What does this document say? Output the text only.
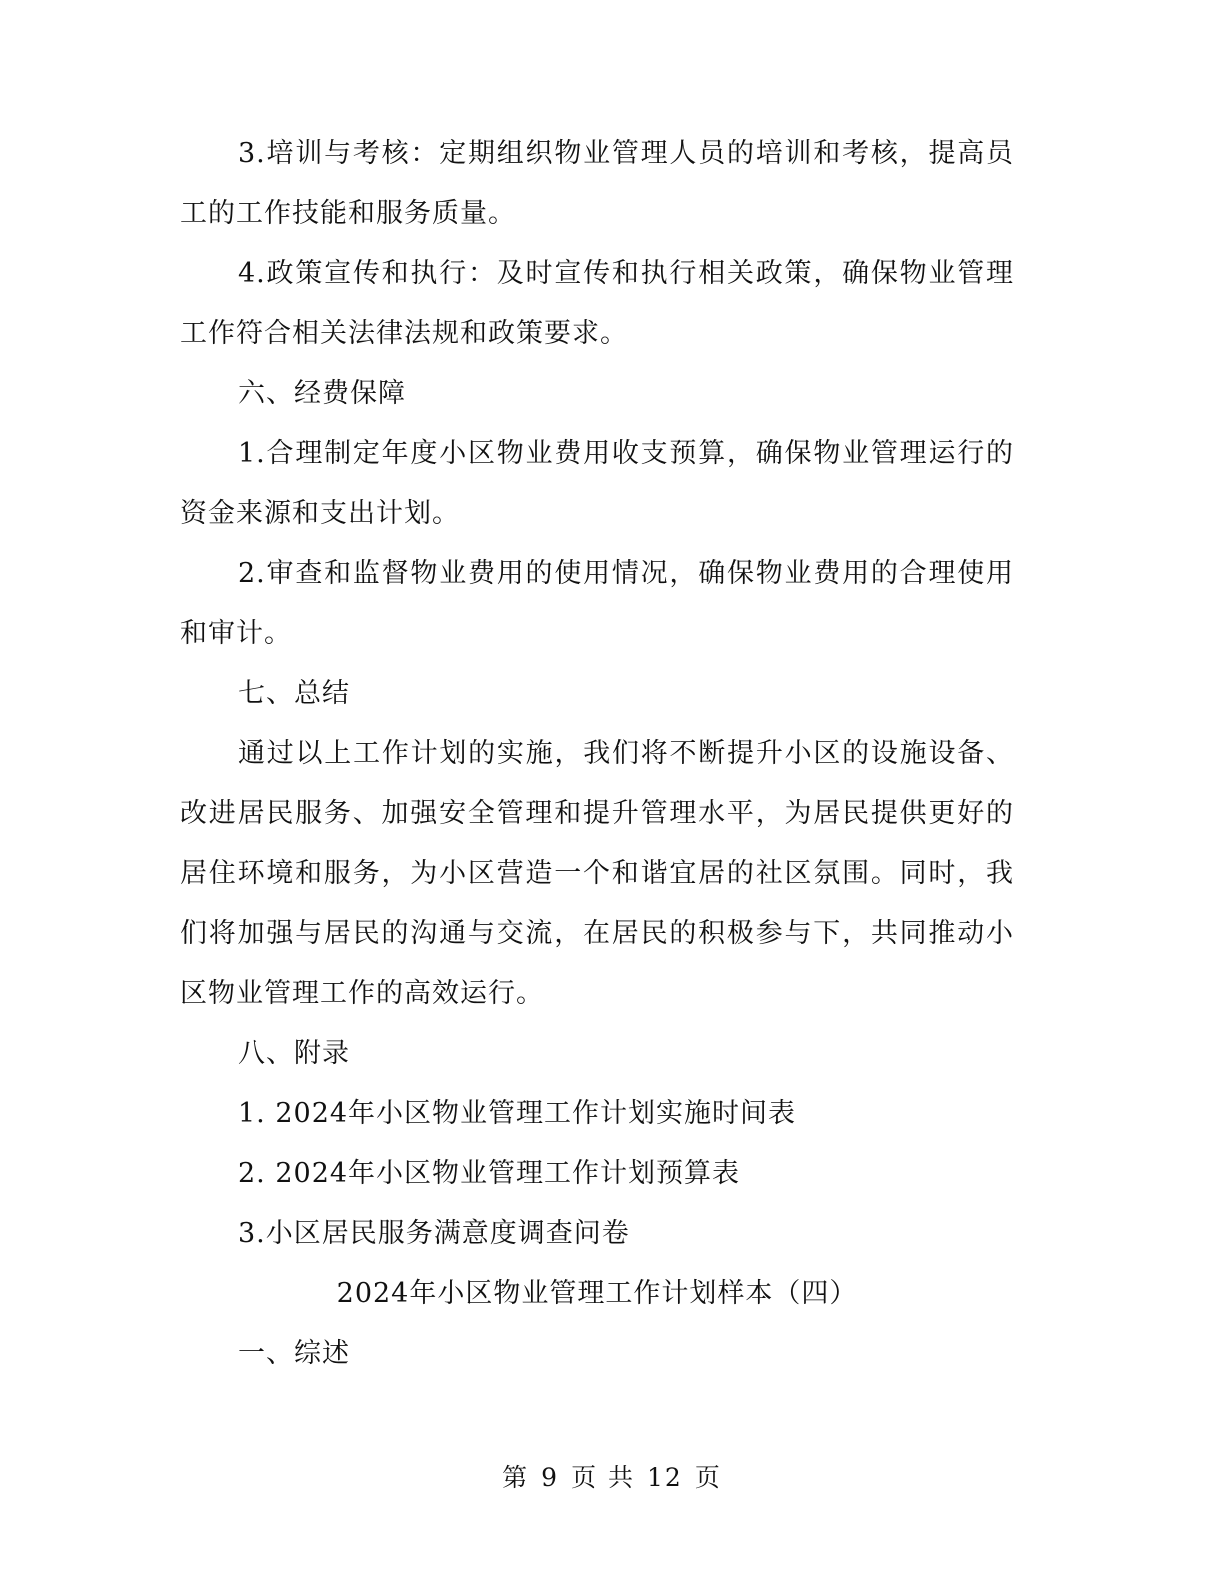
3.培训与考核：定期组织物业管理人员的培训和考核，提高员工的工作技能和服务质量。

4.政策宣传和执行：及时宣传和执行相关政策，确保物业管理工作符合相关法律法规和政策要求。

六、经费保障

1.合理制定年度小区物业费用收支预算，确保物业管理运行的资金来源和支出计划。

2.审查和监督物业费用的使用情况，确保物业费用的合理使用和审计。

七、总结

通过以上工作计划的实施，我们将不断提升小区的设施设备、改进居民服务、加强安全管理和提升管理水平，为居民提供更好的居住环境和服务，为小区营造一个和谐宜居的社区氛围。同时，我们将加强与居民的沟通与交流，在居民的积极参与下，共同推动小区物业管理工作的高效运行。

八、附录

1. 2024年小区物业管理工作计划实施时间表

2. 2024年小区物业管理工作计划预算表

3.小区居民服务满意度调查问卷

2024年小区物业管理工作计划样本（四）

一、综述

第 9 页 共 12 页
